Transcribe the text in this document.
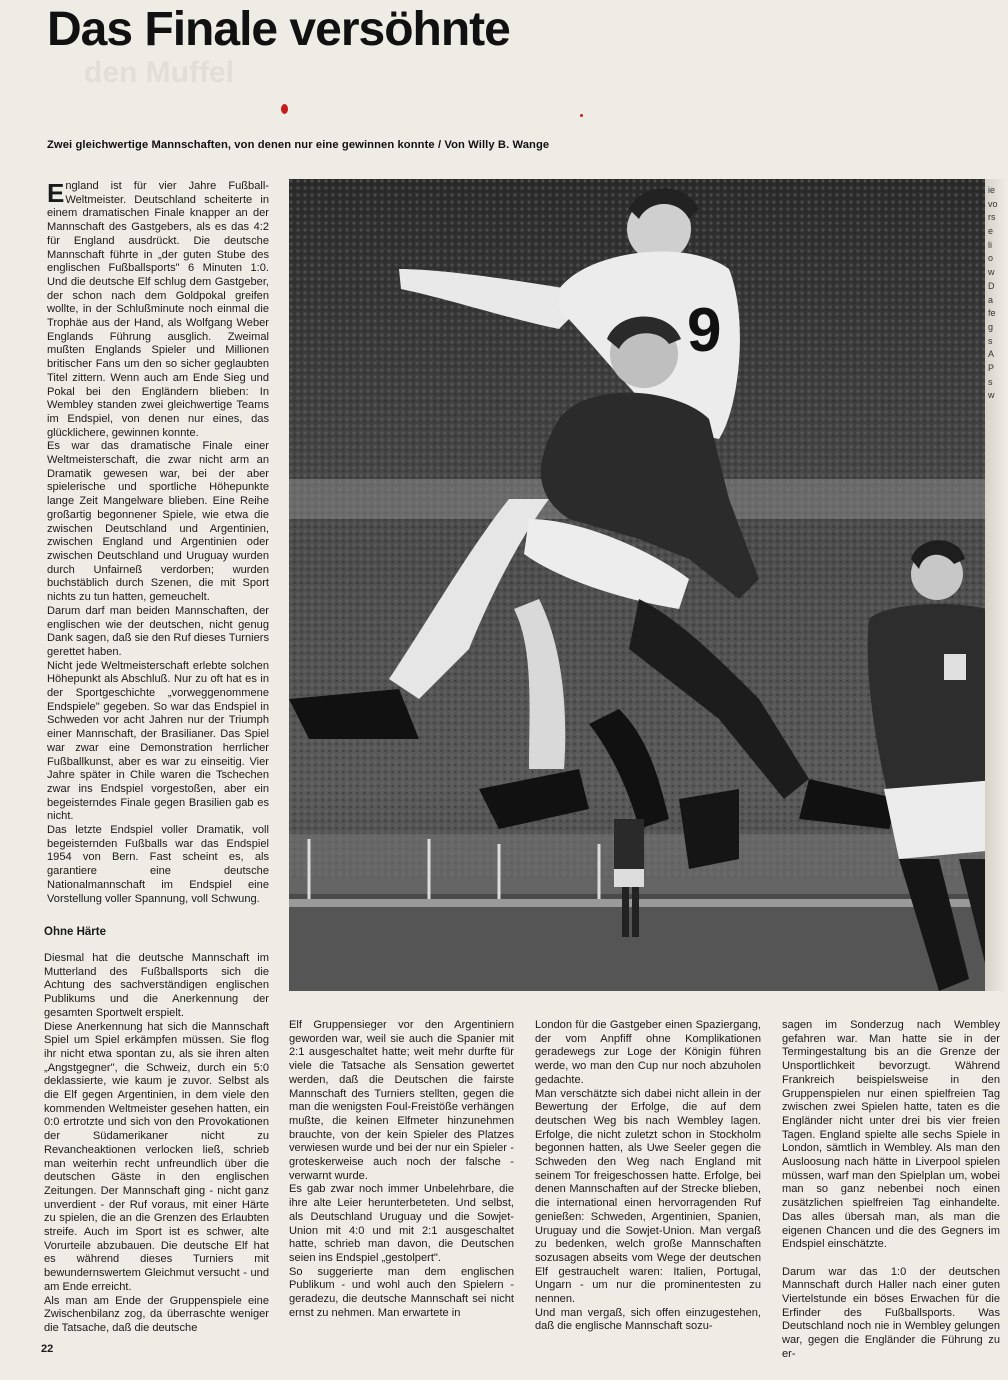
den Muffel
Das Finale versöhnte

Zwei gleichwertige Mannschaften, von denen nur eine gewinnen konnte / Von Willy B. Wange

England ist für vier Jahre Fußball-Weltmeister. Deutschland scheiterte in einem dramatischen Finale knapper an der Mannschaft des Gastgebers, als es das 4:2 für England ausdrückt. Die deutsche Mannschaft führte in „der guten Stube des englischen Fußballsports" 6 Minuten 1:0. Und die deutsche Elf schlug dem Gastgeber, der schon nach dem Goldpokal greifen wollte, in der Schlußminute noch einmal die Trophäe aus der Hand, als Wolfgang Weber Englands Führung ausglich. Zweimal mußten Englands Spieler und Millionen britischer Fans um den so sicher geglaubten Titel zittern. Wenn auch am Ende Sieg und Pokal bei den Engländern blieben: In Wembley standen zwei gleichwertige Teams im Endspiel, von denen nur eines, das glücklichere, gewinnen konnte.

Es war das dramatische Finale einer Weltmeisterschaft, die zwar nicht arm an Dramatik gewesen war, bei der aber spielerische und sportliche Höhepunkte lange Zeit Mangelware blieben. Eine Reihe großartig begonnener Spiele, wie etwa die zwischen Deutschland und Argentinien, zwischen England und Argentinien oder zwischen Deutschland und Uruguay wurden durch Unfairneß verdorben; wurden buchstäblich durch Szenen, die mit Sport nichts zu tun hatten, gemeuchelt.

Darum darf man beiden Mannschaften, der englischen wie der deutschen, nicht genug Dank sagen, daß sie den Ruf dieses Turniers gerettet haben.

Nicht jede Weltmeisterschaft erlebte solchen Höhepunkt als Abschluß. Nur zu oft hat es in der Sportgeschichte „vorweggenommene Endspiele" gegeben. So war das Endspiel in Schweden vor acht Jahren nur der Triumph einer Mannschaft, der Brasilianer. Das Spiel war zwar eine Demonstration herrlicher Fußballkunst, aber es war zu einseitig. Vier Jahre später in Chile waren die Tschechen zwar ins Endspiel vorgestoßen, aber ein begeisterndes Finale gegen Brasilien gab es nicht.

Das letzte Endspiel voller Dramatik, voll begeisternden Fußballs war das Endspiel 1954 von Bern. Fast scheint es, als garantiere eine deutsche Nationalmannschaft im Endspiel eine Vorstellung voller Spannung, voll Schwung.

Ohne Härte

Diesmal hat die deutsche Mannschaft im Mutterland des Fußballsports sich die Achtung des sachverständigen englischen Publikums und die Anerkennung der gesamten Sportwelt erspielt.

Diese Anerkennung hat sich die Mannschaft Spiel um Spiel erkämpfen müssen. Sie flog ihr nicht etwa spontan zu, als sie ihren alten „Angstgegner", die Schweiz, durch ein 5:0 deklassierte, wie kaum je zuvor. Selbst als die Elf gegen Argentinien, in dem viele den kommenden Weltmeister gesehen hatten, ein 0:0 ertrotzte und sich von den Provokationen der Südamerikaner nicht zu Revancheaktionen verlocken ließ, schrieb man weiterhin recht unfreundlich über die deutschen Gäste in den englischen Zeitungen. Der Mannschaft ging - nicht ganz unverdient - der Ruf voraus, mit einer Härte zu spielen, die an die Grenzen des Erlaubten streife. Auch im Sport ist es schwer, alte Vorurteile abzubauen. Die deutsche Elf hat es während dieses Turniers mit bewundernswertem Gleichmut versucht - und am Ende erreicht.

Als man am Ende der Gruppenspiele eine Zwischenbilanz zog, da überraschte weniger die Tatsache, daß die deutsche

Elf Gruppensieger vor den Argentiniern geworden war, weil sie auch die Spanier mit 2:1 ausgeschaltet hatte; weit mehr durfte für viele die Tatsache als Sensation gewertet werden, daß die Deutschen die fairste Mannschaft des Turniers stellten, gegen die man die wenigsten Foul-Freistöße verhängen mußte, die keinen Elfmeter hinzunehmen brauchte, von der kein Spieler des Platzes verwiesen wurde und bei der nur ein Spieler - groteskerweise auch noch der falsche - verwarnt wurde.

Es gab zwar noch immer Unbelehrbare, die ihre alte Leier herunterbeteten. Und selbst, als Deutschland Uruguay und die Sowjet-Union mit 4:0 und mit 2:1 ausgeschaltet hatte, schrieb man davon, die Deutschen seien ins Endspiel „gestolpert".

So suggerierte man dem englischen Publikum - und wohl auch den Spielern - geradezu, die deutsche Mannschaft sei nicht ernst zu nehmen. Man erwartete in

London für die Gastgeber einen Spaziergang, der vom Anpfiff ohne Komplikationen geradewegs zur Loge der Königin führen werde, wo man den Cup nur noch abzuholen gedachte.

Man verschätzte sich dabei nicht allein in der Bewertung der Erfolge, die auf dem deutschen Weg bis nach Wembley lagen. Erfolge, die nicht zuletzt schon in Stockholm begonnen hatten, als Uwe Seeler gegen die Schweden den Weg nach England mit seinem Tor freigeschossen hatte. Erfolge, bei denen Mannschaften auf der Strecke blieben, die international einen hervorragenden Ruf genießen: Schweden, Argentinien, Spanien, Uruguay und die Sowjet-Union. Man vergaß zu bedenken, welch große Mannschaften sozusagen abseits vom Wege der deutschen Elf gestrauchelt waren: Italien, Portugal, Ungarn - um nur die prominentesten zu nennen.

Und man vergaß, sich offen einzugestehen, daß die englische Mannschaft sozu-

sagen im Sonderzug nach Wembley gefahren war. Man hatte sie in der Termingestaltung bis an die Grenze der Unsportlichkeit bevorzugt. Während Frankreich beispielsweise in den Gruppenspielen nur einen spielfreien Tag zwischen zwei Spielen hatte, taten es die Engländer nicht unter drei bis vier freien Tagen. England spielte alle sechs Spiele in London, sämtlich in Wembley. Als man den Ausloosung nach hätte in Liverpool spielen müssen, warf man den Spielplan um, wobei man so ganz nebenbei noch einen zusätzlichen spielfreien Tag einhandelte. Das alles übersah man, als man die eigenen Chancen und die des Gegners im Endspiel einschätzte.

Darum war das 1:0 der deutschen Mannschaft durch Haller nach einer guten Viertelstunde ein böses Erwachen für die Erfinder des Fußballsports. Was Deutschland noch nie in Wembley gelungen war, gegen die Engländer die Führung zu er-

9
ie
vo
rs
e
li
o
w
D
a
fe
g
s
A
P
s
w
22
